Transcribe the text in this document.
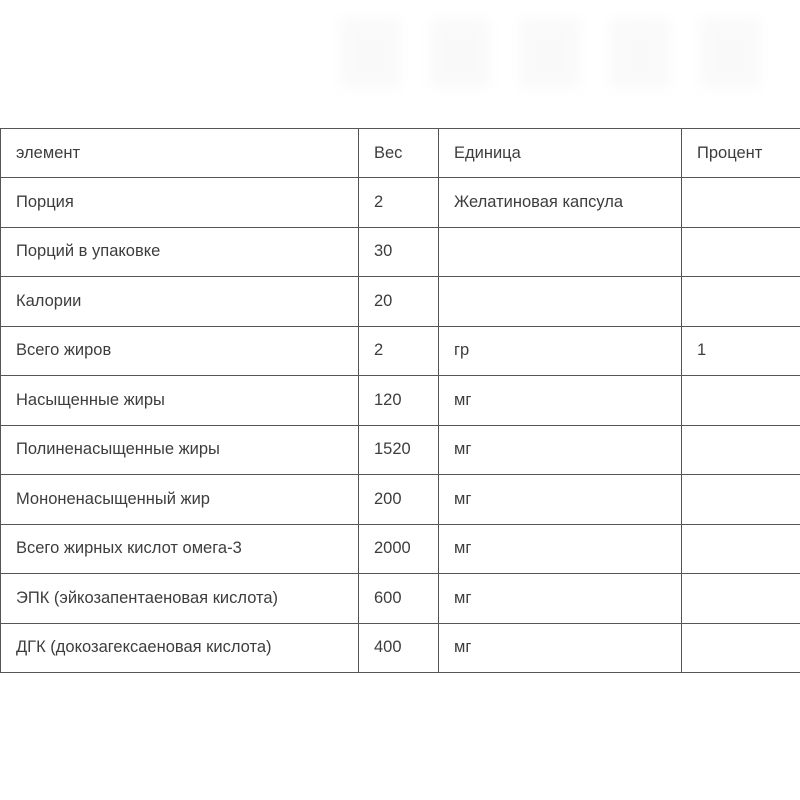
элемент	Вес	Единица	Процент
Порция	2	Желатиновая капсула	
Порций в упаковке	30		
Калории	20		
Всего жиров	2	гр	1
Насыщенные жиры	120	мг	
Полиненасыщенные жиры	1520	мг	
Мононенасыщенный жир	200	мг	
Всего жирных кислот омега-3	2000	мг	
ЭПК (эйкозапентаеновая кислота)	600	мг	
ДГК (докозагексаеновая кислота)	400	мг	
